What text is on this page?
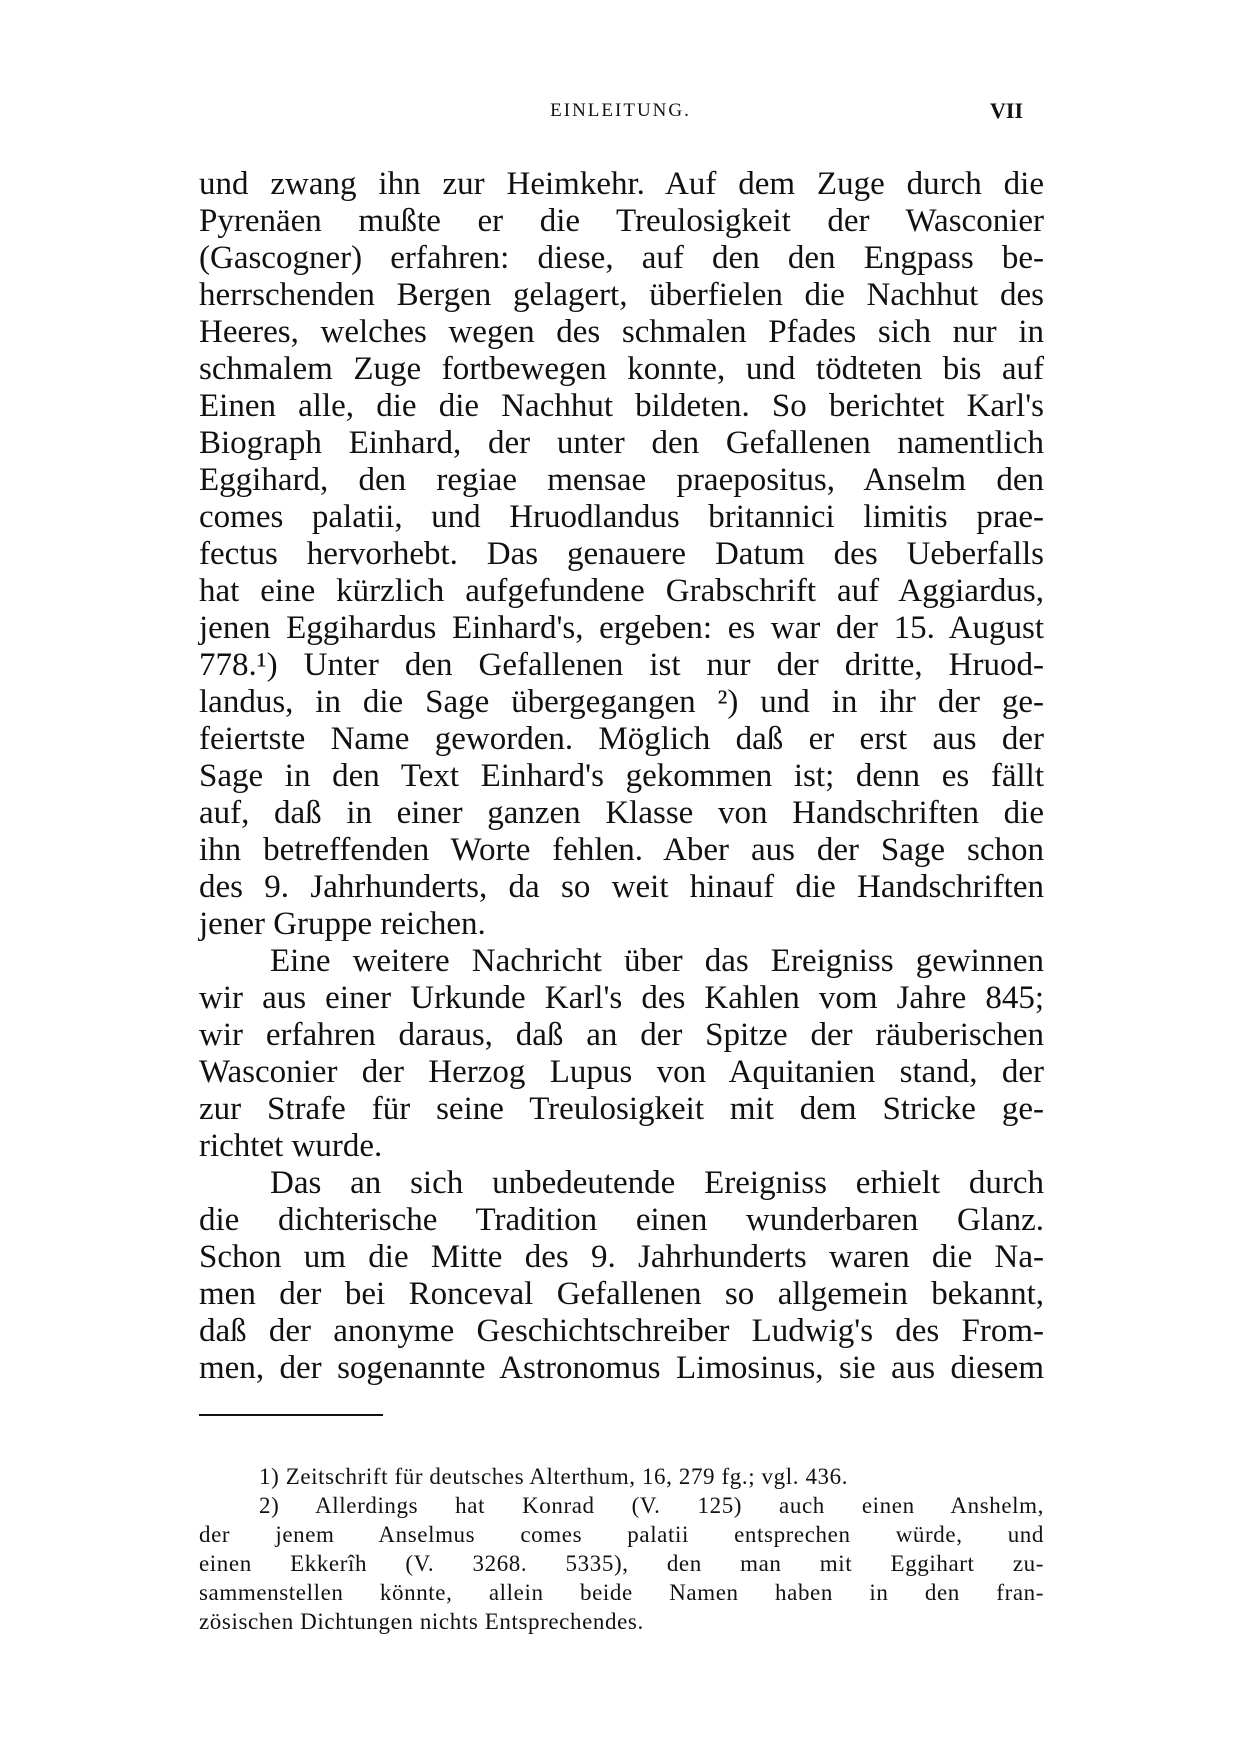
EINLEITUNG.	VII
und zwang ihn zur Heimkehr. Auf dem Zuge durch die
Pyrenäen mußte er die Treulosigkeit der Wasconier
(Gascogner) erfahren: diese, auf den den Engpass be-
herrschenden Bergen gelagert, überfielen die Nachhut des
Heeres, welches wegen des schmalen Pfades sich nur in
schmalem Zuge fortbewegen konnte, und tödteten bis auf
Einen alle, die die Nachhut bildeten. So berichtet Karl's
Biograph Einhard, der unter den Gefallenen namentlich
Eggihard, den regiae mensae praepositus, Anselm den
comes palatii, und Hruodlandus britannici limitis prae-
fectus hervorhebt. Das genauere Datum des Ueberfalls
hat eine kürzlich aufgefundene Grabschrift auf Aggiardus,
jenen Eggihardus Einhard's, ergeben: es war der 15. August
778.¹) Unter den Gefallenen ist nur der dritte, Hruod-
landus, in die Sage übergegangen ²) und in ihr der ge-
feiertste Name geworden. Möglich daß er erst aus der
Sage in den Text Einhard's gekommen ist; denn es fällt
auf, daß in einer ganzen Klasse von Handschriften die
ihn betreffenden Worte fehlen. Aber aus der Sage schon
des 9. Jahrhunderts, da so weit hinauf die Handschriften
jener Gruppe reichen.
Eine weitere Nachricht über das Ereigniss gewinnen
wir aus einer Urkunde Karl's des Kahlen vom Jahre 845;
wir erfahren daraus, daß an der Spitze der räuberischen
Wasconier der Herzog Lupus von Aquitanien stand, der
zur Strafe für seine Treulosigkeit mit dem Stricke ge-
richtet wurde.
Das an sich unbedeutende Ereigniss erhielt durch
die dichterische Tradition einen wunderbaren Glanz.
Schon um die Mitte des 9. Jahrhunderts waren die Na-
men der bei Ronceval Gefallenen so allgemein bekannt,
daß der anonyme Geschichtschreiber Ludwig's des From-
men, der sogenannte Astronomus Limosinus, sie aus diesem
1) Zeitschrift für deutsches Alterthum, 16, 279 fg.; vgl. 436.
2) Allerdings hat Konrad (V. 125) auch einen Anshelm,
der jenem Anselmus comes palatii entsprechen würde, und
einen Ekkerîh (V. 3268. 5335), den man mit Eggihart zu-
sammenstellen könnte, allein beide Namen haben in den fran-
zösischen Dichtungen nichts Entsprechendes.
